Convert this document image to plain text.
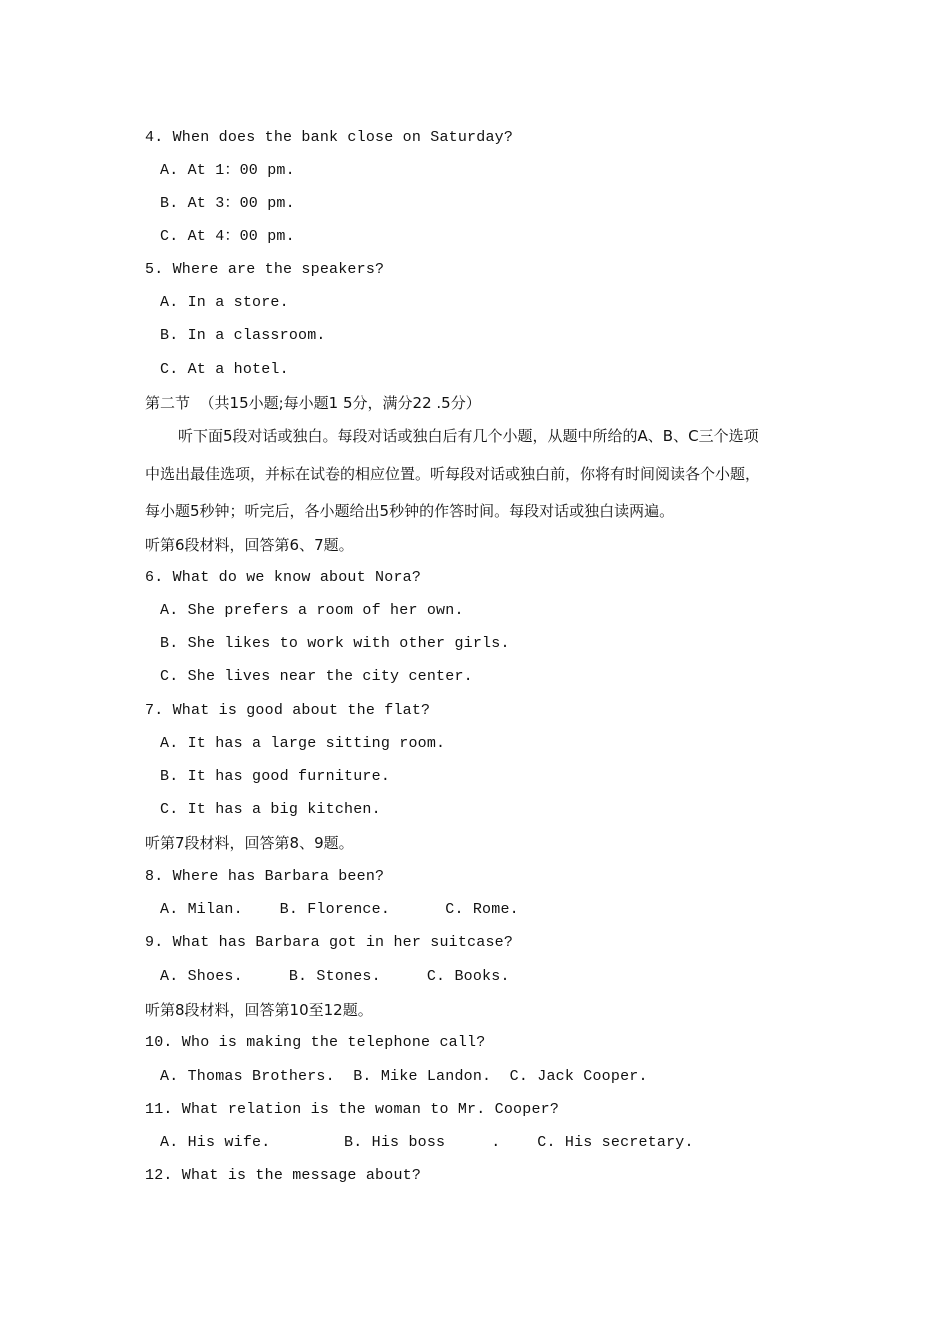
4. When does the bank close on Saturday?
A. At 1：00 pm.
B. At 3：00 pm.
C. At 4：00 pm.
5. Where are the speakers?
A. In a store.
B. In a classroom.
C. At a hotel.
第二节  （共15小题;每小题1 5分，满分22 .5分）
听下面5段对话或独白。每段对话或独白后有几个小题，从题中所给的A、B、C三个选项
中选出最佳选项，并标在试卷的相应位置。听每段对话或独白前，你将有时间阅读各个小题，
每小题5秒钟；听完后，各小题给出5秒钟的作答时间。每段对话或独白读两遍。
听第6段材料，回答第6、7题。
6. What do we know about Nora?
A. She prefers a room of her own.
B. She likes to work with other girls.
C. She lives near the city center.
7. What is good about the flat?
A. It has a large sitting room.
B. It has good furniture.
C. It has a big kitchen.
听第7段材料，回答第8、9题。
8. Where has Barbara been?
A. Milan.    B. Florence.      C. Rome.
9. What has Barbara got in her suitcase?
A. Shoes.     B. Stones.     C. Books.
听第8段材料，回答第10至12题。
10. Who is making the telephone call?
A. Thomas Brothers.  B. Mike Landon.  C. Jack Cooper.
11. What relation is the woman to Mr. Cooper?
A. His wife.        B. His boss     .    C. His secretary.
12. What is the message about?
